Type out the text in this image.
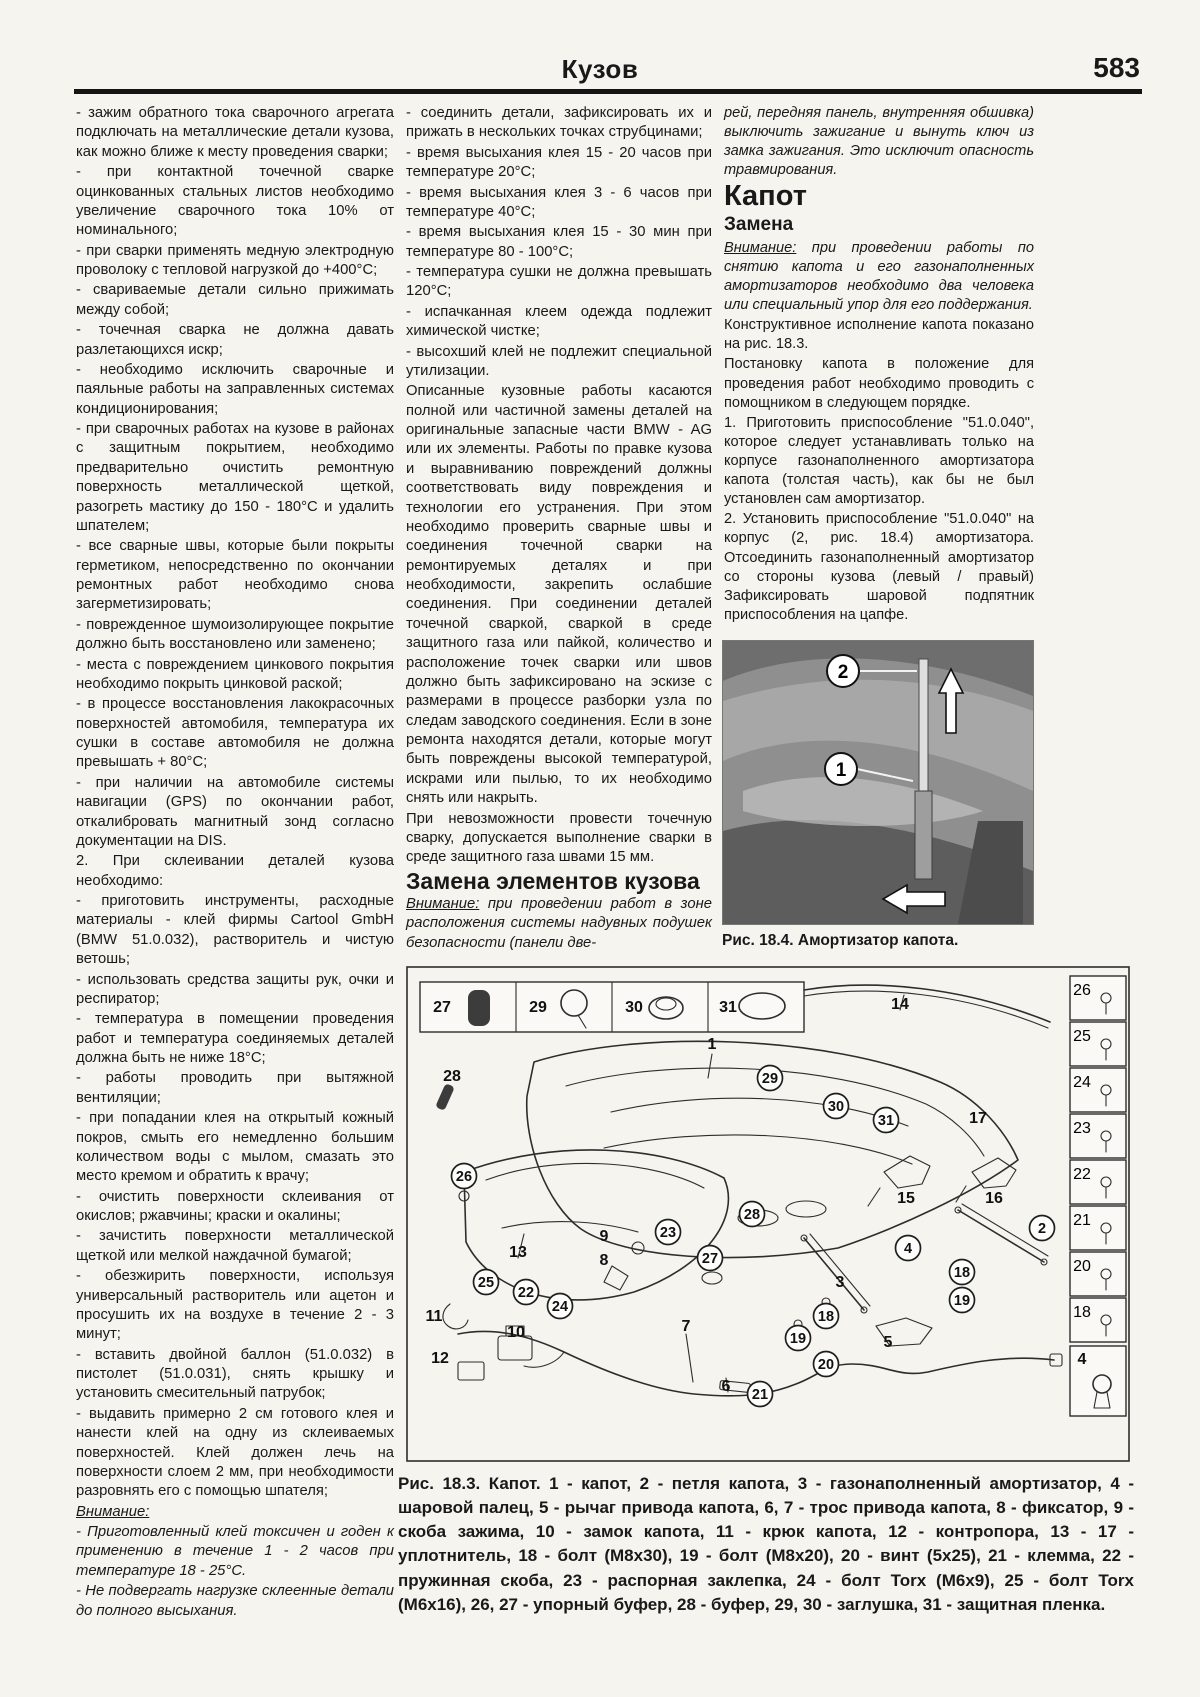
Кузов	583

- зажим обратного тока сварочного агрегата подключать на металлические детали кузова, как можно ближе к месту проведения сварки;

- при контактной точечной сварке оцинкованных стальных листов необходимо увеличение сварочного тока 10% от номинального;

- при сварки применять медную электродную проволоку с тепловой нагрузкой до +400°С;

- свариваемые детали сильно прижимать между собой;

- точечная сварка не должна давать разлетающихся искр;

- необходимо исключить сварочные и паяльные работы на заправленных системах кондиционирования;

- при сварочных работах на кузове в районах с защитным покрытием, необходимо предварительно очистить ремонтную поверхность металлической щеткой, разогреть мастику до 150 - 180°С и удалить шпателем;

- все сварные швы, которые были покрыты герметиком, непосредственно по окончании ремонтных работ необходимо снова загерметизировать;

- поврежденное шумоизолирующее покрытие должно быть восстановлено или заменено;

- места с повреждением цинкового покрытия необходимо покрыть цинковой раской;

- в процессе восстановления лакокрасочных поверхностей автомобиля, температура их сушки в составе автомобиля не должна превышать + 80°С;

- при наличии на автомобиле системы навигации (GPS) по окончании работ, откалибровать магнитный зонд согласно документации на DIS.

2. При склеивании деталей кузова необходимо:

- приготовить инструменты, расходные материалы - клей фирмы Cartool GmbH (BMW 51.0.032), растворитель и чистую ветошь;

- использовать средства защиты рук, очки и респиратор;

- температура в помещении проведения работ и температура соединяемых деталей должна быть не ниже 18°С;

- работы проводить при вытяжной вентиляции;

- при попадании клея на открытый кожный покров, смыть его немедленно большим количеством воды с мылом, смазать это место кремом и обратить к врачу;

- очистить поверхности склеивания от окислов; ржавчины; краски и окалины;

- зачистить поверхности металлической щеткой или мелкой наждачной бумагой;

- обезжирить поверхности, используя универсальный растворитель или ацетон и просушить их на воздухе в течение 2 - 3 минут;

- вставить двойной баллон (51.0.032) в пистолет (51.0.031), снять крышку и установить смесительный патрубок;

- выдавить примерно 2 см готового клея и нанести клей на одну из склеиваемых поверхностей. Клей должен лечь на поверхности слоем 2 мм, при необходимости разровнять его с помощью шпателя;

Внимание:

- Приготовленный клей токсичен и годен к применению в течение 1 - 2 часов при температуре 18 - 25°С.

- Не подвергать нагрузке склеенные детали до полного высыхания.

- соединить детали, зафиксировать их и прижать в нескольких точках струбцинами;

- время высыхания клея 15 - 20 часов при температуре 20°С;

- время высыхания клея 3 - 6 часов при температуре 40°С;

- время высыхания клея 15 - 30 мин при температуре 80 - 100°С;

- температура сушки не должна превышать 120°С;

- испачканная клеем одежда подлежит химической чистке;

- высохший клей не подлежит специальной утилизации.

Описанные кузовные работы касаются полной или частичной замены деталей на оригинальные запасные части BMW - AG или их элементы. Работы по правке кузова и выравниванию повреждений должны соответствовать виду повреждения и технологии его устранения. При этом необходимо проверить сварные швы и соединения точечной сварки на ремонтируемых деталях и при необходимости, закрепить ослабшие соединения. При соединении деталей точечной сваркой, сваркой в среде защитного газа или пайкой, количество и расположение точек сварки или швов должно быть зафиксировано на эскизе с размерами в процессе разборки узла по следам заводского соединения. Если в зоне ремонта находятся детали, которые могут быть повреждены высокой температурой, искрами или пылью, то их необходимо снять или накрыть.

При невозможности провести точечную сварку, допускается выполнение сварки в среде защитного газа швами 15 мм.

Замена элементов кузова

Внимание: при проведении работ в зоне расположения системы надувных подушек безопасности (панели две-

рей, передняя панель, внутренняя обшивка) выключить зажигание и вынуть ключ из замка зажигания. Это исключит опасность травмирования.

Капот

Замена

Внимание: при проведении работы по снятию капота и его газонаполненных амортизаторов необходимо два человека или специальный упор для его поддержания.

Конструктивное исполнение капота показано на рис. 18.3.

Постановку капота в положение для проведения работ необходимо проводить с помощником в следующем порядке.

1. Приготовить приспособление "51.0.040", которое следует устанавливать только на корпусе газонаполненного амортизатора капота (толстая часть), как бы не был установлен сам амортизатор.

2. Установить приспособление "51.0.040" на корпус (2, рис. 18.4) амортизатора. Отсоединить газонаполненный амортизатор со стороны кузова (левый / правый) Зафиксировать шаровой подпятник приспособления на цапфе.

2
1

Рис. 18.4. Амортизатор капота.

27	29	30	31
26
25
24
23
22
21
20
18
4
1
28	29
30
31
14
17
15	16
2
4
18
19
26
28
13
9
8
23
27
25
22
24
11
10
12
7
6 21
20
19
18
5
3

Рис. 18.3. Капот. 1 - капот, 2 - петля капота, 3 - газонаполненный амортизатор, 4 - шаровой палец, 5 - рычаг привода капота, 6, 7 - трос привода капота, 8 - фиксатор, 9 - скоба зажима, 10 - замок капота, 11 - крюк капота, 12 - контропора, 13 - 17 - уплотнитель, 18 - болт (М8х30), 19 - болт (М8х20), 20 - винт (5х25), 21 - клемма, 22 - пружинная скоба, 23 - распорная заклепка, 24 - болт Torx (М6х9), 25 - болт Torx (М6х16), 26, 27 - упорный буфер, 28 - буфер, 29, 30 - заглушка, 31 - защитная пленка.
